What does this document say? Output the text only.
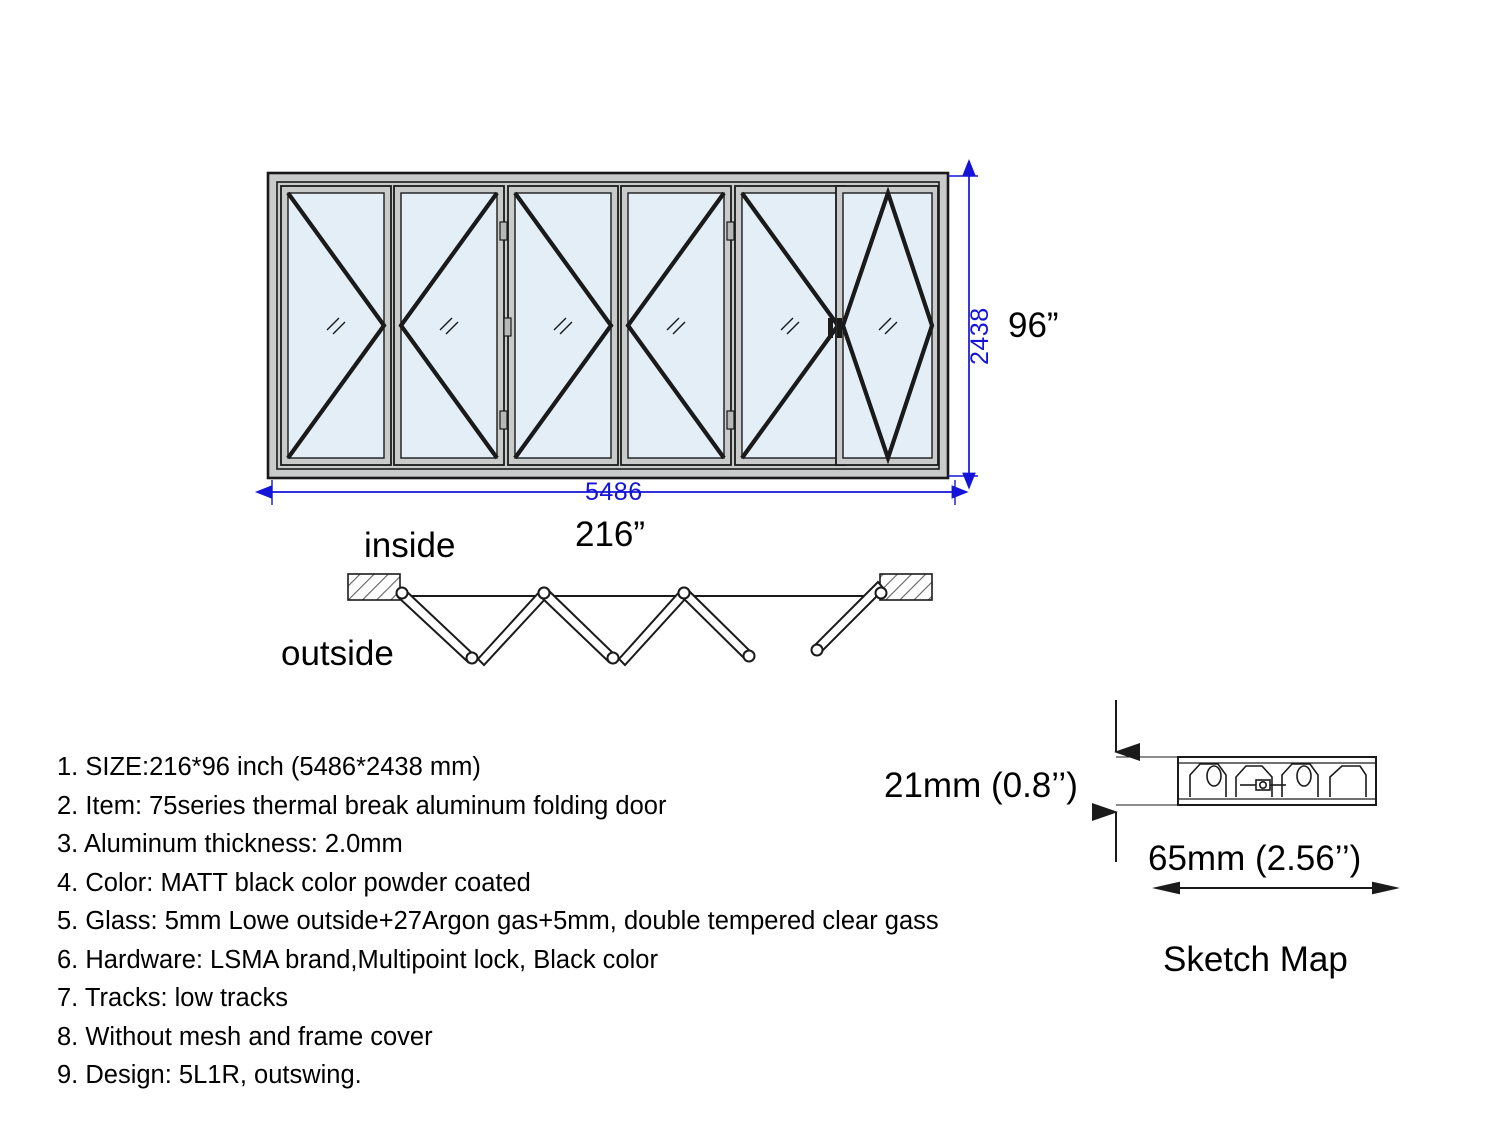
5486
2438 96”
216”
inside
outside
21mm (0.8’’)
65mm (2.56’’)
Sketch Map
1. SIZE:216*96 inch (5486*2438 mm)
2. Item: 75series thermal break aluminum folding door
3. Aluminum thickness: 2.0mm
4. Color: MATT black color powder coated
5. Glass: 5mm Lowe outside+27Argon gas+5mm, double tempered clear gass
6. Hardware: LSMA brand,Multipoint lock, Black color
7. Tracks: low tracks
8. Without mesh and frame cover
9. Design: 5L1R, outswing.
